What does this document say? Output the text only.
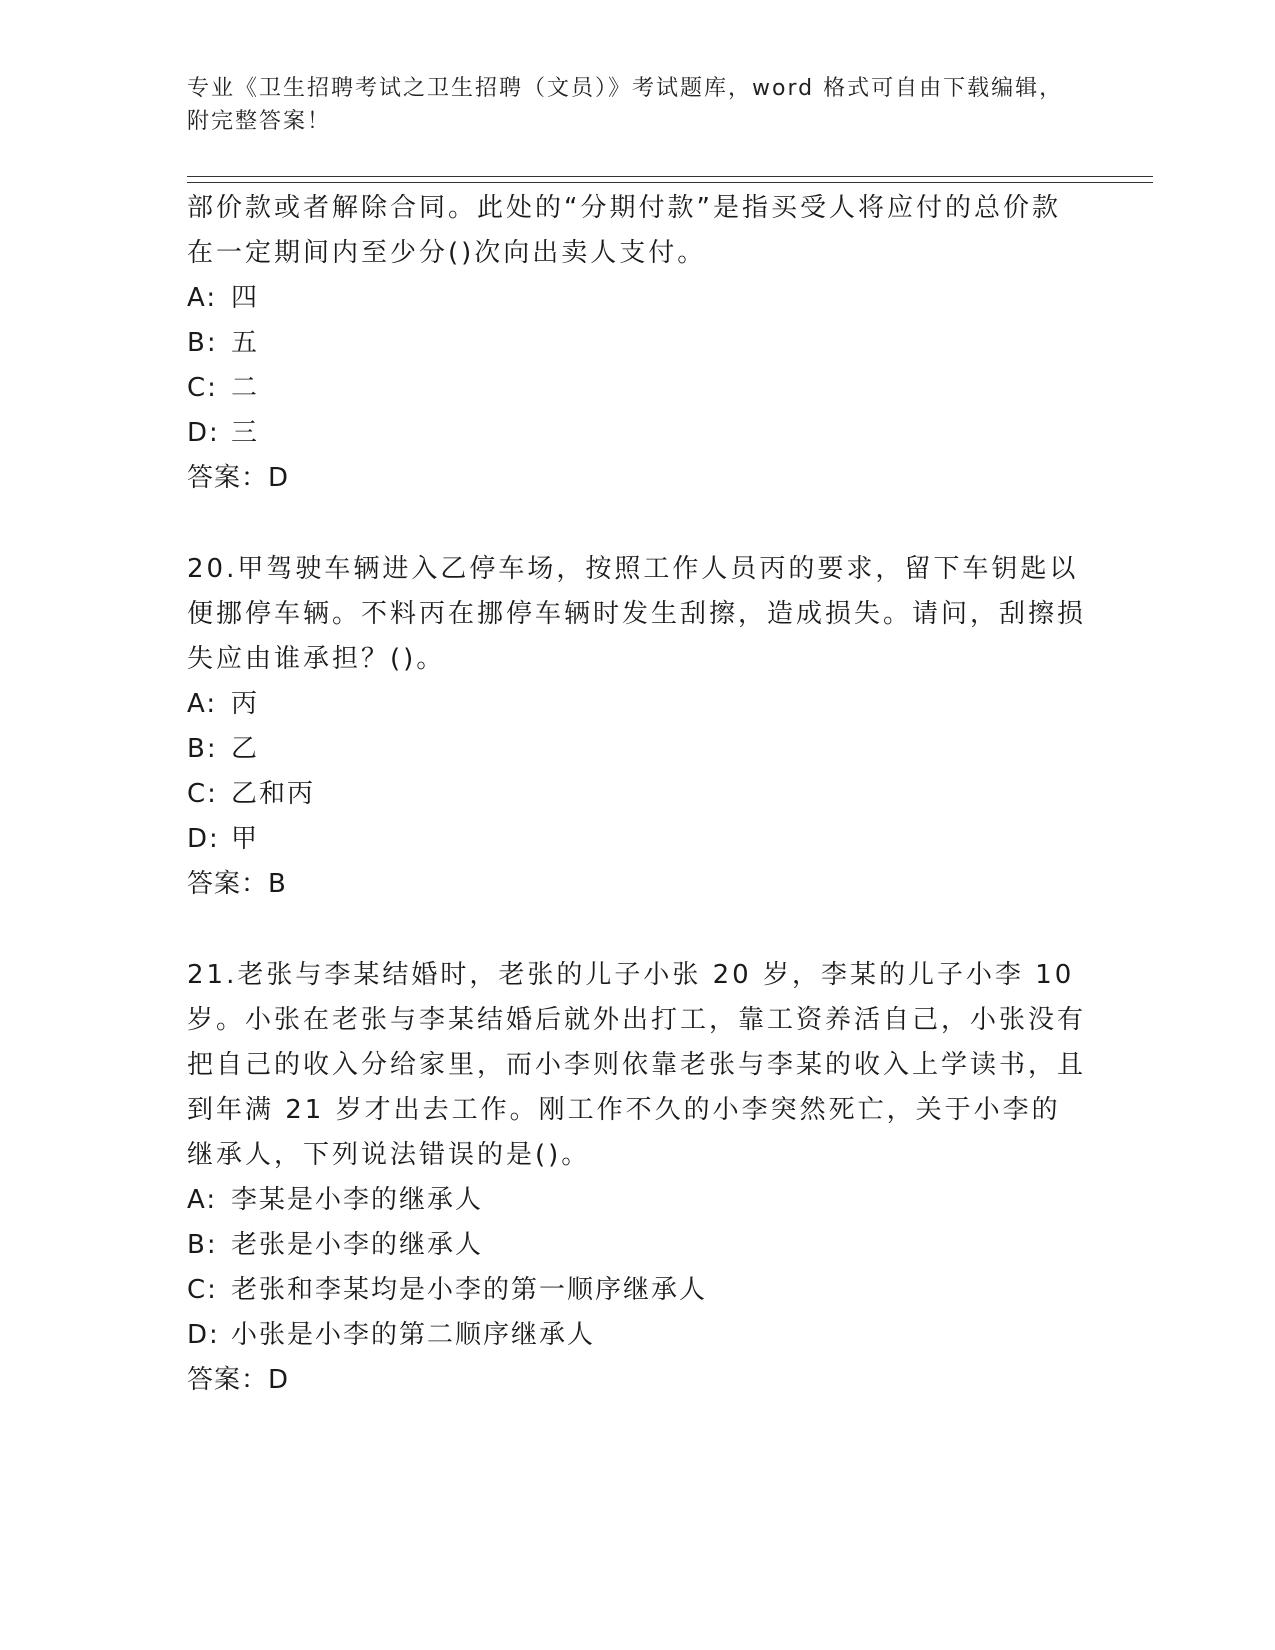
专业《卫生招聘考试之卫生招聘（文员）》考试题库，word 格式可自由下载编辑，附完整答案！

部价款或者解除合同。此处的“分期付款”是指买受人将应付的总价款在一定期间内至少分()次向出卖人支付。

A: 四

B: 五

C: 二

D: 三

答案：D

20.甲驾驶车辆进入乙停车场，按照工作人员丙的要求，留下车钥匙以便挪停车辆。不料丙在挪停车辆时发生刮擦，造成损失。请问，刮擦损失应由谁承担？()。

A: 丙

B: 乙

C: 乙和丙

D: 甲

答案：B

21.老张与李某结婚时，老张的儿子小张 20 岁，李某的儿子小李 10 岁。小张在老张与李某结婚后就外出打工，靠工资养活自己，小张没有把自己的收入分给家里，而小李则依靠老张与李某的收入上学读书，且到年满 21 岁才出去工作。刚工作不久的小李突然死亡，关于小李的继承人，下列说法错误的是()。

A: 李某是小李的继承人

B: 老张是小李的继承人

C: 老张和李某均是小李的第一顺序继承人

D: 小张是小李的第二顺序继承人

答案：D
